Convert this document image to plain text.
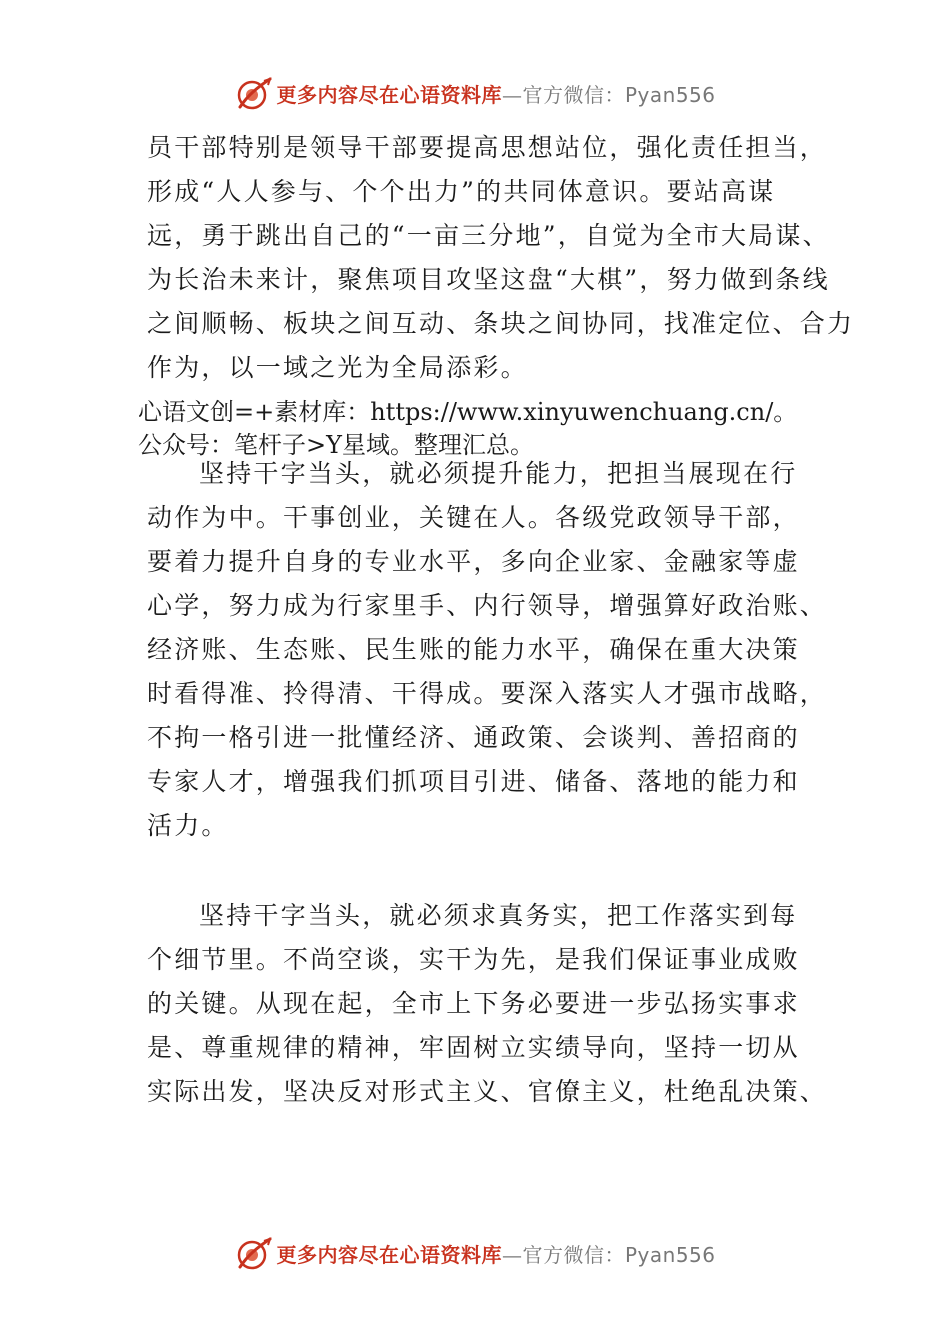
更多内容尽在心语资料库—官方微信：Pyan556
员干部特别是领导干部要提高思想站位，强化责任担当，
形成“人人参与、个个出力”的共同体意识。要站高谋
远，勇于跳出自己的“一亩三分地”，自觉为全市大局谋、
为长治未来计，聚焦项目攻坚这盘“大棋”，努力做到条线
之间顺畅、板块之间互动、条块之间协同，找准定位、合力
作为，以一域之光为全局添彩。
心语文创=+素材库：https://www.xinyuwenchuang.cn/。
公众号：笔杆子>Y星域。整理汇总。
坚持干字当头，就必须提升能力，把担当展现在行
动作为中。干事创业，关键在人。各级党政领导干部，
要着力提升自身的专业水平，多向企业家、金融家等虚
心学，努力成为行家里手、内行领导，增强算好政治账、
经济账、生态账、民生账的能力水平，确保在重大决策
时看得准、拎得清、干得成。要深入落实人才强市战略，
不拘一格引进一批懂经济、通政策、会谈判、善招商的
专家人才，增强我们抓项目引进、储备、落地的能力和
活力。
坚持干字当头，就必须求真务实，把工作落实到每
个细节里。不尚空谈，实干为先，是我们保证事业成败
的关键。从现在起，全市上下务必要进一步弘扬实事求
是、尊重规律的精神，牢固树立实绩导向，坚持一切从
实际出发，坚决反对形式主义、官僚主义，杜绝乱决策、
更多内容尽在心语资料库—官方微信：Pyan556
